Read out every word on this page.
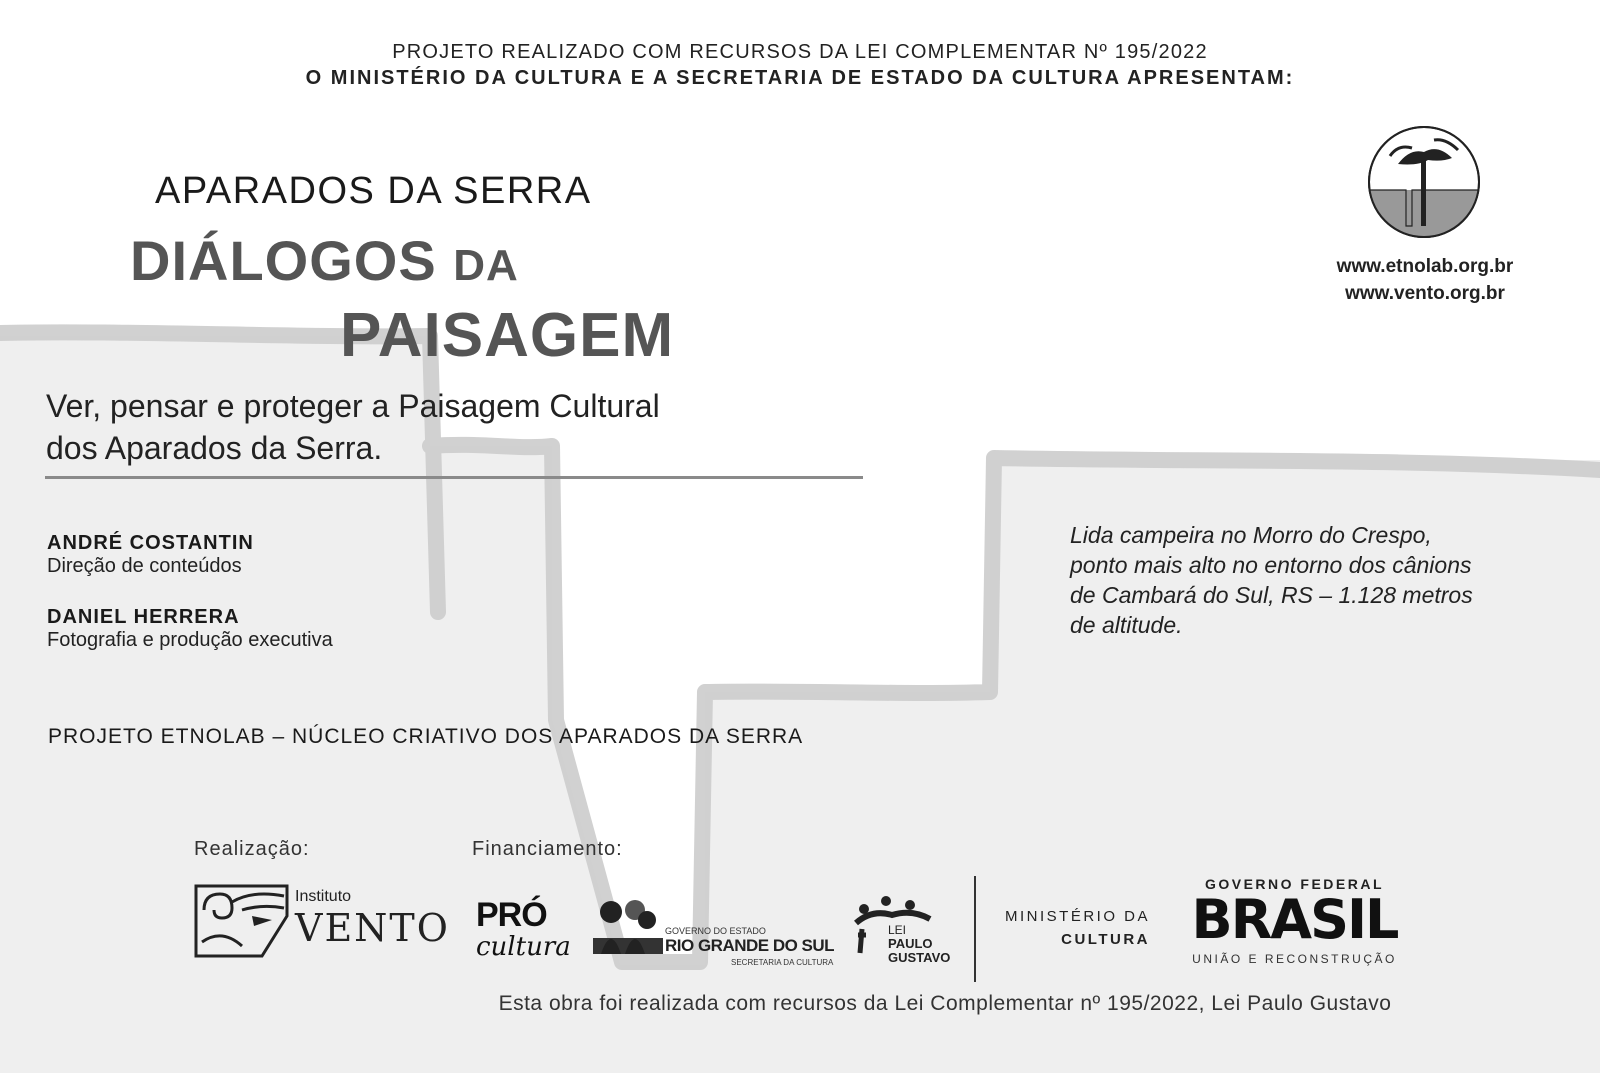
PROJETO REALIZADO COM RECURSOS DA LEI COMPLEMENTAR Nº 195/2022
O MINISTÉRIO DA CULTURA E A SECRETARIA DE ESTADO DA CULTURA APRESENTAM:
APARADOS DA SERRA
DIÁLOGOS DA
PAISAGEM
Ver, pensar e proteger a Paisagem Cultural
dos Aparados da Serra.
ANDRÉ COSTANTIN
Direção de conteúdos
DANIEL HERRERA
Fotografia e produção executiva
Lida campeira no Morro do Crespo,
ponto mais alto no entorno dos cânions
de Cambará do Sul, RS – 1.128 metros
de altitude.
PROJETO ETNOLAB – NÚCLEO CRIATIVO DOS APARADOS DA SERRA
www.etnolab.org.br
www.vento.org.br
Realização:	Financiamento:
Instituto
VENTO PRÓ
cultura
GOVERNO DO ESTADO
RIO GRANDE DO SUL
SECRETARIA DA CULTURA
LEI
PAULO
GUSTAVO
MINISTÉRIO DA
CULTURA
GOVERNO FEDERAL
BRASIL
UNIÃO E RECONSTRUÇÃO
Esta obra foi realizada com recursos da Lei Complementar nº 195/2022, Lei Paulo Gustavo
